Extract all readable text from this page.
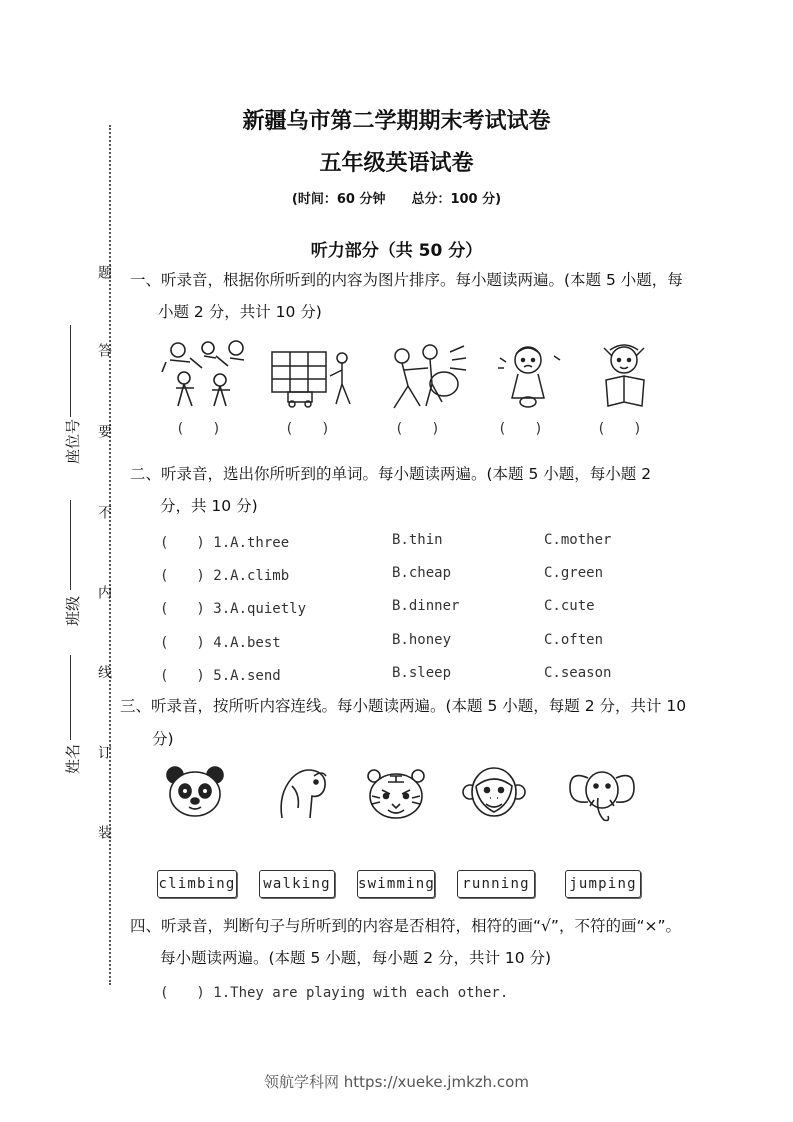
新疆乌市第二学期期末考试试卷
五年级英语试卷
(时间：60 分钟　　总分：100 分)
听力部分（共 50 分）
题
答
要
不
内
线
订
装
座位号
班级
姓名
一、听录音，根据你所听到的内容为图片排序。每小题读两遍。(本题 5 小题，每
小题 2 分，共计 10 分)
(　　)	(　　)	(　　)	(　　)	(　　)
二、听录音，选出你所听到的单词。每小题读两遍。(本题 5 小题，每小题 2
分，共 10 分)
(　　) 1.A.three	B.thin	C.mother
(　　) 2.A.climb	B.cheap	C.green
(　　) 3.A.quietly	B.dinner	C.cute
(　　) 4.A.best	B.honey	C.often
(　　) 5.A.send	B.sleep	C.season
三、听录音，按所听内容连线。每小题读两遍。(本题 5 小题，每题 2 分，共计 10
分)
climbing	walking	swimming	running	jumping
四、听录音，判断句子与所听到的内容是否相符，相符的画“√”，不符的画“×”。
每小题读两遍。(本题 5 小题，每小题 2 分，共计 10 分)
(　　) 1.They are playing with each other.
领航学科网 https://xueke.jmkzh.com
